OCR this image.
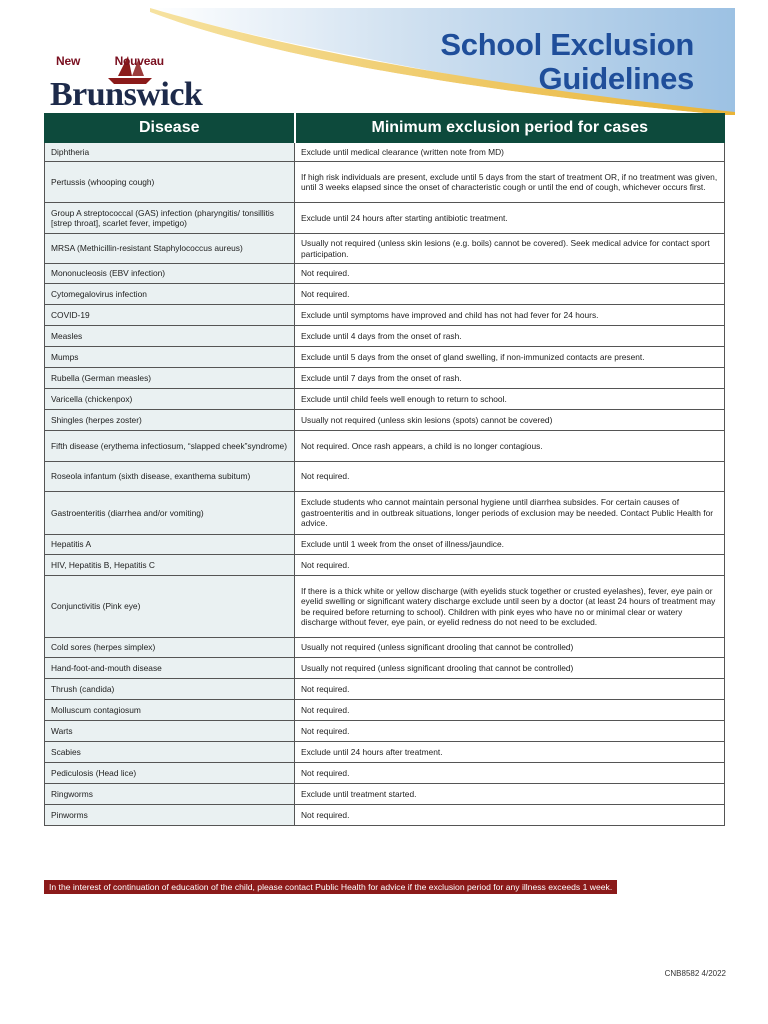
New	Nouveau
Brunswick
School Exclusion
Guidelines
Disease	Minimum exclusion period for cases
Diphtheria	Exclude until medical clearance (written note from MD)
Pertussis (whooping cough)	If high risk individuals are present, exclude until 5 days from the start of treatment OR, if no treatment was given, until 3 weeks elapsed since the onset of characteristic cough or until the end of cough, whichever occurs first.
Group A streptococcal (GAS) infection (pharyngitis/ tonsillitis [strep throat], scarlet fever, impetigo)	Exclude until 24 hours after starting antibiotic treatment.
MRSA (Methicillin-resistant Staphylococcus aureus)	Usually not required (unless skin lesions (e.g. boils) cannot be covered). Seek medical advice for contact sport participation.
Mononucleosis (EBV infection)	Not required.
Cytomegalovirus infection	Not required.
COVID-19	Exclude until symptoms have improved and child has not had fever for 24 hours.
Measles	Exclude until 4 days from the onset of rash.
Mumps	Exclude until 5 days from the onset of gland swelling, if non-immunized contacts are present.
Rubella (German measles)	Exclude until 7 days from the onset of rash.
Varicella (chickenpox)	Exclude until child feels well enough to return to school.
Shingles (herpes zoster)	Usually not required (unless skin lesions (spots) cannot be covered)
Fifth disease (erythema infectiosum, “slapped cheek”syndrome)	Not required. Once rash appears, a child is no longer contagious.
Roseola infantum (sixth disease, exanthema subitum)	Not required.
Gastroenteritis (diarrhea and/or vomiting)	Exclude students who cannot maintain personal hygiene until diarrhea subsides. For certain causes of gastroenteritis and in outbreak situations, longer periods of exclusion may be needed. Contact Public Health for advice.
Hepatitis A	Exclude until 1 week from the onset of illness/jaundice.
HIV, Hepatitis B, Hepatitis C	Not required.
Conjunctivitis (Pink eye)	If there is a thick white or yellow discharge (with eyelids stuck together or crusted eyelashes), fever, eye pain or eyelid swelling or significant watery discharge exclude until seen by a doctor (at least 24 hours of treatment may be required before returning to school). Children with pink eyes who have no or minimal clear or watery discharge without fever, eye pain, or eyelid redness do not need to be excluded.
Cold sores (herpes simplex)	Usually not required (unless significant drooling that cannot be controlled)
Hand-foot-and-mouth disease	Usually not required (unless significant drooling that cannot be controlled)
Thrush (candida)	Not required.
Molluscum contagiosum	Not required.
Warts	Not required.
Scabies	Exclude until 24 hours after treatment.
Pediculosis (Head lice)	Not required.
Ringworms	Exclude until treatment started.
Pinworms	Not required.
In the interest of continuation of education of the child, please contact Public Health for advice if the exclusion period for any illness exceeds 1 week.
CNB8582 4/2022
